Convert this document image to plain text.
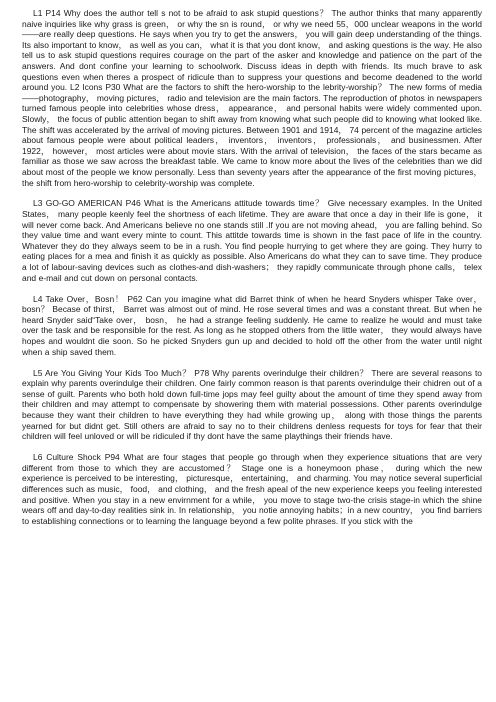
L1 P14 Why does the author tell s not to be afraid to ask stupid questions？ The author thinks that many apparently naive inquiries like why grass is green， or why the sn is round， or why we need 55，000 unclear weapons in the world ——are really deep questions. He says when you try to get the answers， you will gain deep understanding of the things. Its also important to know， as well as you can， what it is that you dont know， and asking questions is the way. He also tell us to ask stupid questions requires courage on the part of the asker and knowledge and patience on the part of the answers. And dont confine your learning to schoolwork. Discuss ideas in depth with friends. Its much brave to ask questions even when theres a prospect of ridicule than to suppress your questions and become deadened to the world around you. L2 Icons P30 What are the factors to shift the hero-worship to the lebrity-worship？ The new forms of media——photography， moving pictures， radio and television are the main factors. The reproduction of photos in newspapers turned famous people into celebrities whose dress， appearance， and personal habits were widely commented upon. Slowly， the focus of public attention began to shift away from knowing what such people did to knowing what looked like. The shift was accelerated by the arrival of moving pictures. Between 1901 and 1914， 74 percent of the magazine articles about famous people were about political leaders， inventors， inventors， professionals， and businessmen. After 1922， however， most articles were about movie stars. With the arrival of television， the faces of the stars became as familiar as those we saw across the breakfast table. We came to know more about the lives of the celebrities than we did about most of the people we know personally. Less than seventy years after the appearance of the first moving pictures， the shift from hero-worship to celebrity-worship was complete.

L3 GO-GO AMERICAN P46 What is the Americans attitude towards time？ Give necessary examples. In the United States， many people keenly feel the shortness of each lifetime. They are aware that once a day in their life is gone， it will never come back. And Americans believe no one stands still .If you are not moving ahead， you are falling behind. So they value time and want every minte to count. This attitde towards time is shown in the fast pace of life in the country. Whatever they do they always seem to be in a rush. You find people hurrying to get where they are going. They hurry to eating places for a mea and finish it as quickly as possible. Also Americans do what they can to save time. They produce a lot of labour-saving devices such as clothes-and dish-washers； they rapidly communicate through phone calls， telex and e-mail and cut down on personal contacts.

L4 Take Over，Bosn！ P62 Can you imagine what did Barret think of when he heard Snyders whisper Take over， bosn？ Becase of thirst， Barret was almost out of mind. He rose several times and was a constant threat. But when he heard Snyder said“Take over， bosn， he had a strange feeling suddenly. He came to realize he would and must take over the task and be responsible for the rest. As long as he stopped others from the little water， they would always have hopes and wouldnt die soon. So he picked Snyders gun up and decided to hold off the other from the water until night when a ship saved them.

L5 Are You Giving Your Kids Too Much？ P78 Why parents overindulge their children？ There are several reasons to explain why parents overindulge their children. One fairly common reason is that parents overindulge their chidren out of a sense of guilt. Parents who both hold down full-time jops may feel guilty about the amount of time they spend away from their children and may attempt to compensate by showering them with material possessions. Other parents overindulge because they want their children to have everything they had while growing up， along with those things the parents yearned for but didnt get. Still others are afraid to say no to their childrens denless requests for toys for fear that their children will feel unloved or will be ridiculed if thy dont have the same playthings their friends have.

L6 Culture Shock P94 What are four stages that people go through when they experience situations that are very different from those to which they are accustomed？ Stage one is a honeymoon phase， during which the new experience is perceived to be interesting， picturesque， entertaining， and charming. You may notice several superficial differences such as music， food， and clothing， and the fresh apeal of the new experience keeps you feeling interested and positive. When you stay in a new envirnment for a while， you move to stage two-the crisis stage-in which the shine wears off and day-to-day realities sink in. In relationship， you notie annoying habits；in a new country， you find barriers to establishing connections or to learning the language beyond a few polite phrases. If you stick with the
